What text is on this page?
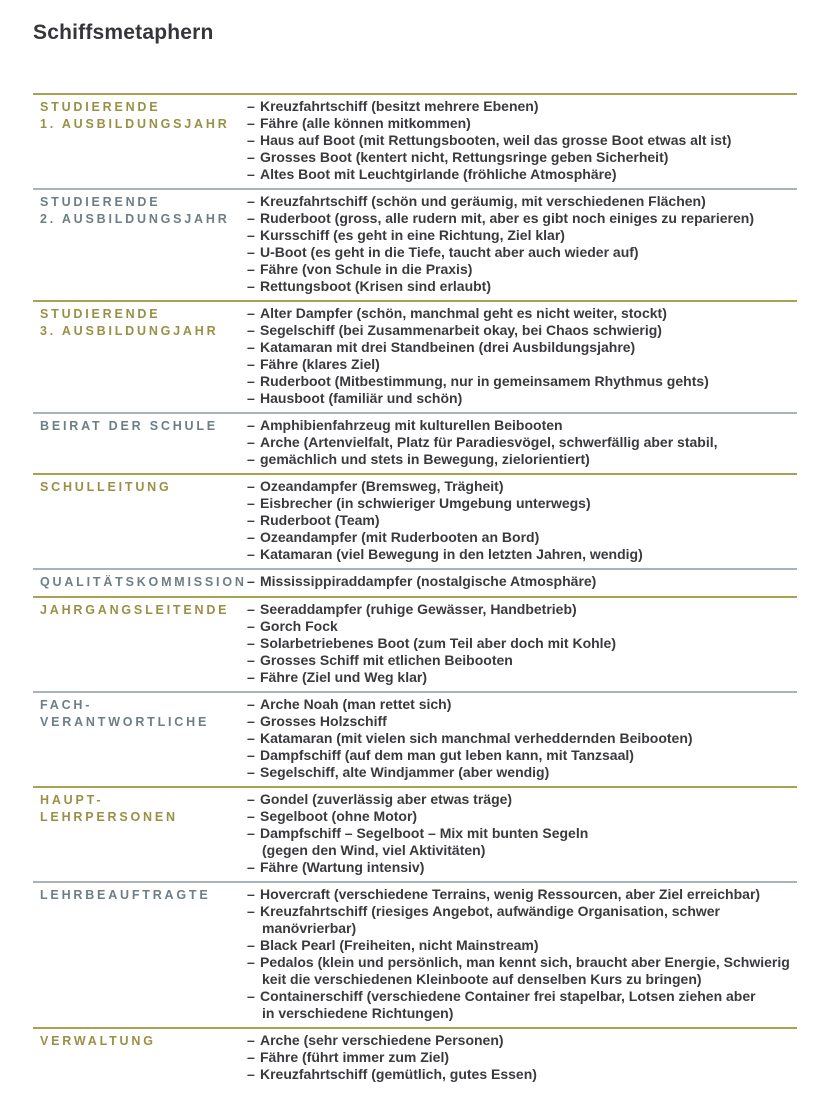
Schiffsmetaphern
STUDIERENDE
1. AUSBILDUNGSJAHR
– Kreuzfahrtschiff (besitzt mehrere Ebenen)
– Fähre (alle können mitkommen)
– Haus auf Boot (mit Rettungsbooten, weil das grosse Boot etwas alt ist)
– Grosses Boot (kentert nicht, Rettungsringe geben Sicherheit)
– Altes Boot mit Leuchtgirlande (fröhliche Atmosphäre)
STUDIERENDE
2. AUSBILDUNGSJAHR
– Kreuzfahrtschiff (schön und geräumig, mit verschiedenen Flächen)
– Ruderboot (gross, alle rudern mit, aber es gibt noch einiges zu reparieren)
– Kursschiff (es geht in eine Richtung, Ziel klar)
– U-Boot (es geht in die Tiefe, taucht aber auch wieder auf)
– Fähre (von Schule in die Praxis)
– Rettungsboot (Krisen sind erlaubt)
STUDIERENDE
3. AUSBILDUNGJAHR
– Alter Dampfer (schön, manchmal geht es nicht weiter, stockt)
– Segelschiff (bei Zusammenarbeit okay, bei Chaos schwierig)
– Katamaran mit drei Standbeinen (drei Ausbildungsjahre)
– Fähre (klares Ziel)
– Ruderboot (Mitbestimmung, nur in gemeinsamem Rhythmus gehts)
– Hausboot (familiär und schön)
BEIRAT DER SCHULE	– Amphibienfahrzeug mit kulturellen Beibooten
– Arche (Artenvielfalt, Platz für Paradiesvögel, schwerfällig aber stabil,
– gemächlich und stets in Bewegung, zielorientiert)
SCHULLEITUNG	– Ozeandampfer (Bremsweg, Trägheit)
– Eisbrecher (in schwieriger Umgebung unterwegs)
– Ruderboot (Team)
– Ozeandampfer (mit Ruderbooten an Bord)
– Katamaran (viel Bewegung in den letzten Jahren, wendig)
QUALITÄTSKOMMISSION – Mississippiraddampfer (nostalgische Atmosphäre)
JAHRGANGSLEITENDE	– Seeraddampfer (ruhige Gewässer, Handbetrieb)
– Gorch Fock
– Solarbetriebenes Boot (zum Teil aber doch mit Kohle)
– Grosses Schiff mit etlichen Beibooten
– Fähre (Ziel und Weg klar)
FACH-
VERANTWORTLICHE
– Arche Noah (man rettet sich)
– Grosses Holzschiff
– Katamaran (mit vielen sich manchmal verheddernden Beibooten)
– Dampfschiff (auf dem man gut leben kann, mit Tanzsaal)
– Segelschiff, alte Windjammer (aber wendig)
HAUPT-
LEHRPERSONEN
– Gondel (zuverlässig aber etwas träge)
– Segelboot (ohne Motor)
– Dampfschiff – Segelboot – Mix mit bunten Segeln
(gegen den Wind, viel Aktivitäten)
– Fähre (Wartung intensiv)
LEHRBEAUFTRAGTE	– Hovercraft (verschiedene Terrains, wenig Ressourcen, aber Ziel erreichbar)
– Kreuzfahrtschiff (riesiges Angebot, aufwändige Organisation, schwer
manövrierbar)
– Black Pearl (Freiheiten, nicht Mainstream)
– Pedalos (klein und persönlich, man kennt sich, braucht aber Energie, Schwierig
keit die verschiedenen Kleinboote auf denselben Kurs zu bringen)
– Containerschiff (verschiedene Container frei stapelbar, Lotsen ziehen aber
in verschiedene Richtungen)
VERWALTUNG	– Arche (sehr verschiedene Personen)
– Fähre (führt immer zum Ziel)
– Kreuzfahrtschiff (gemütlich, gutes Essen)
